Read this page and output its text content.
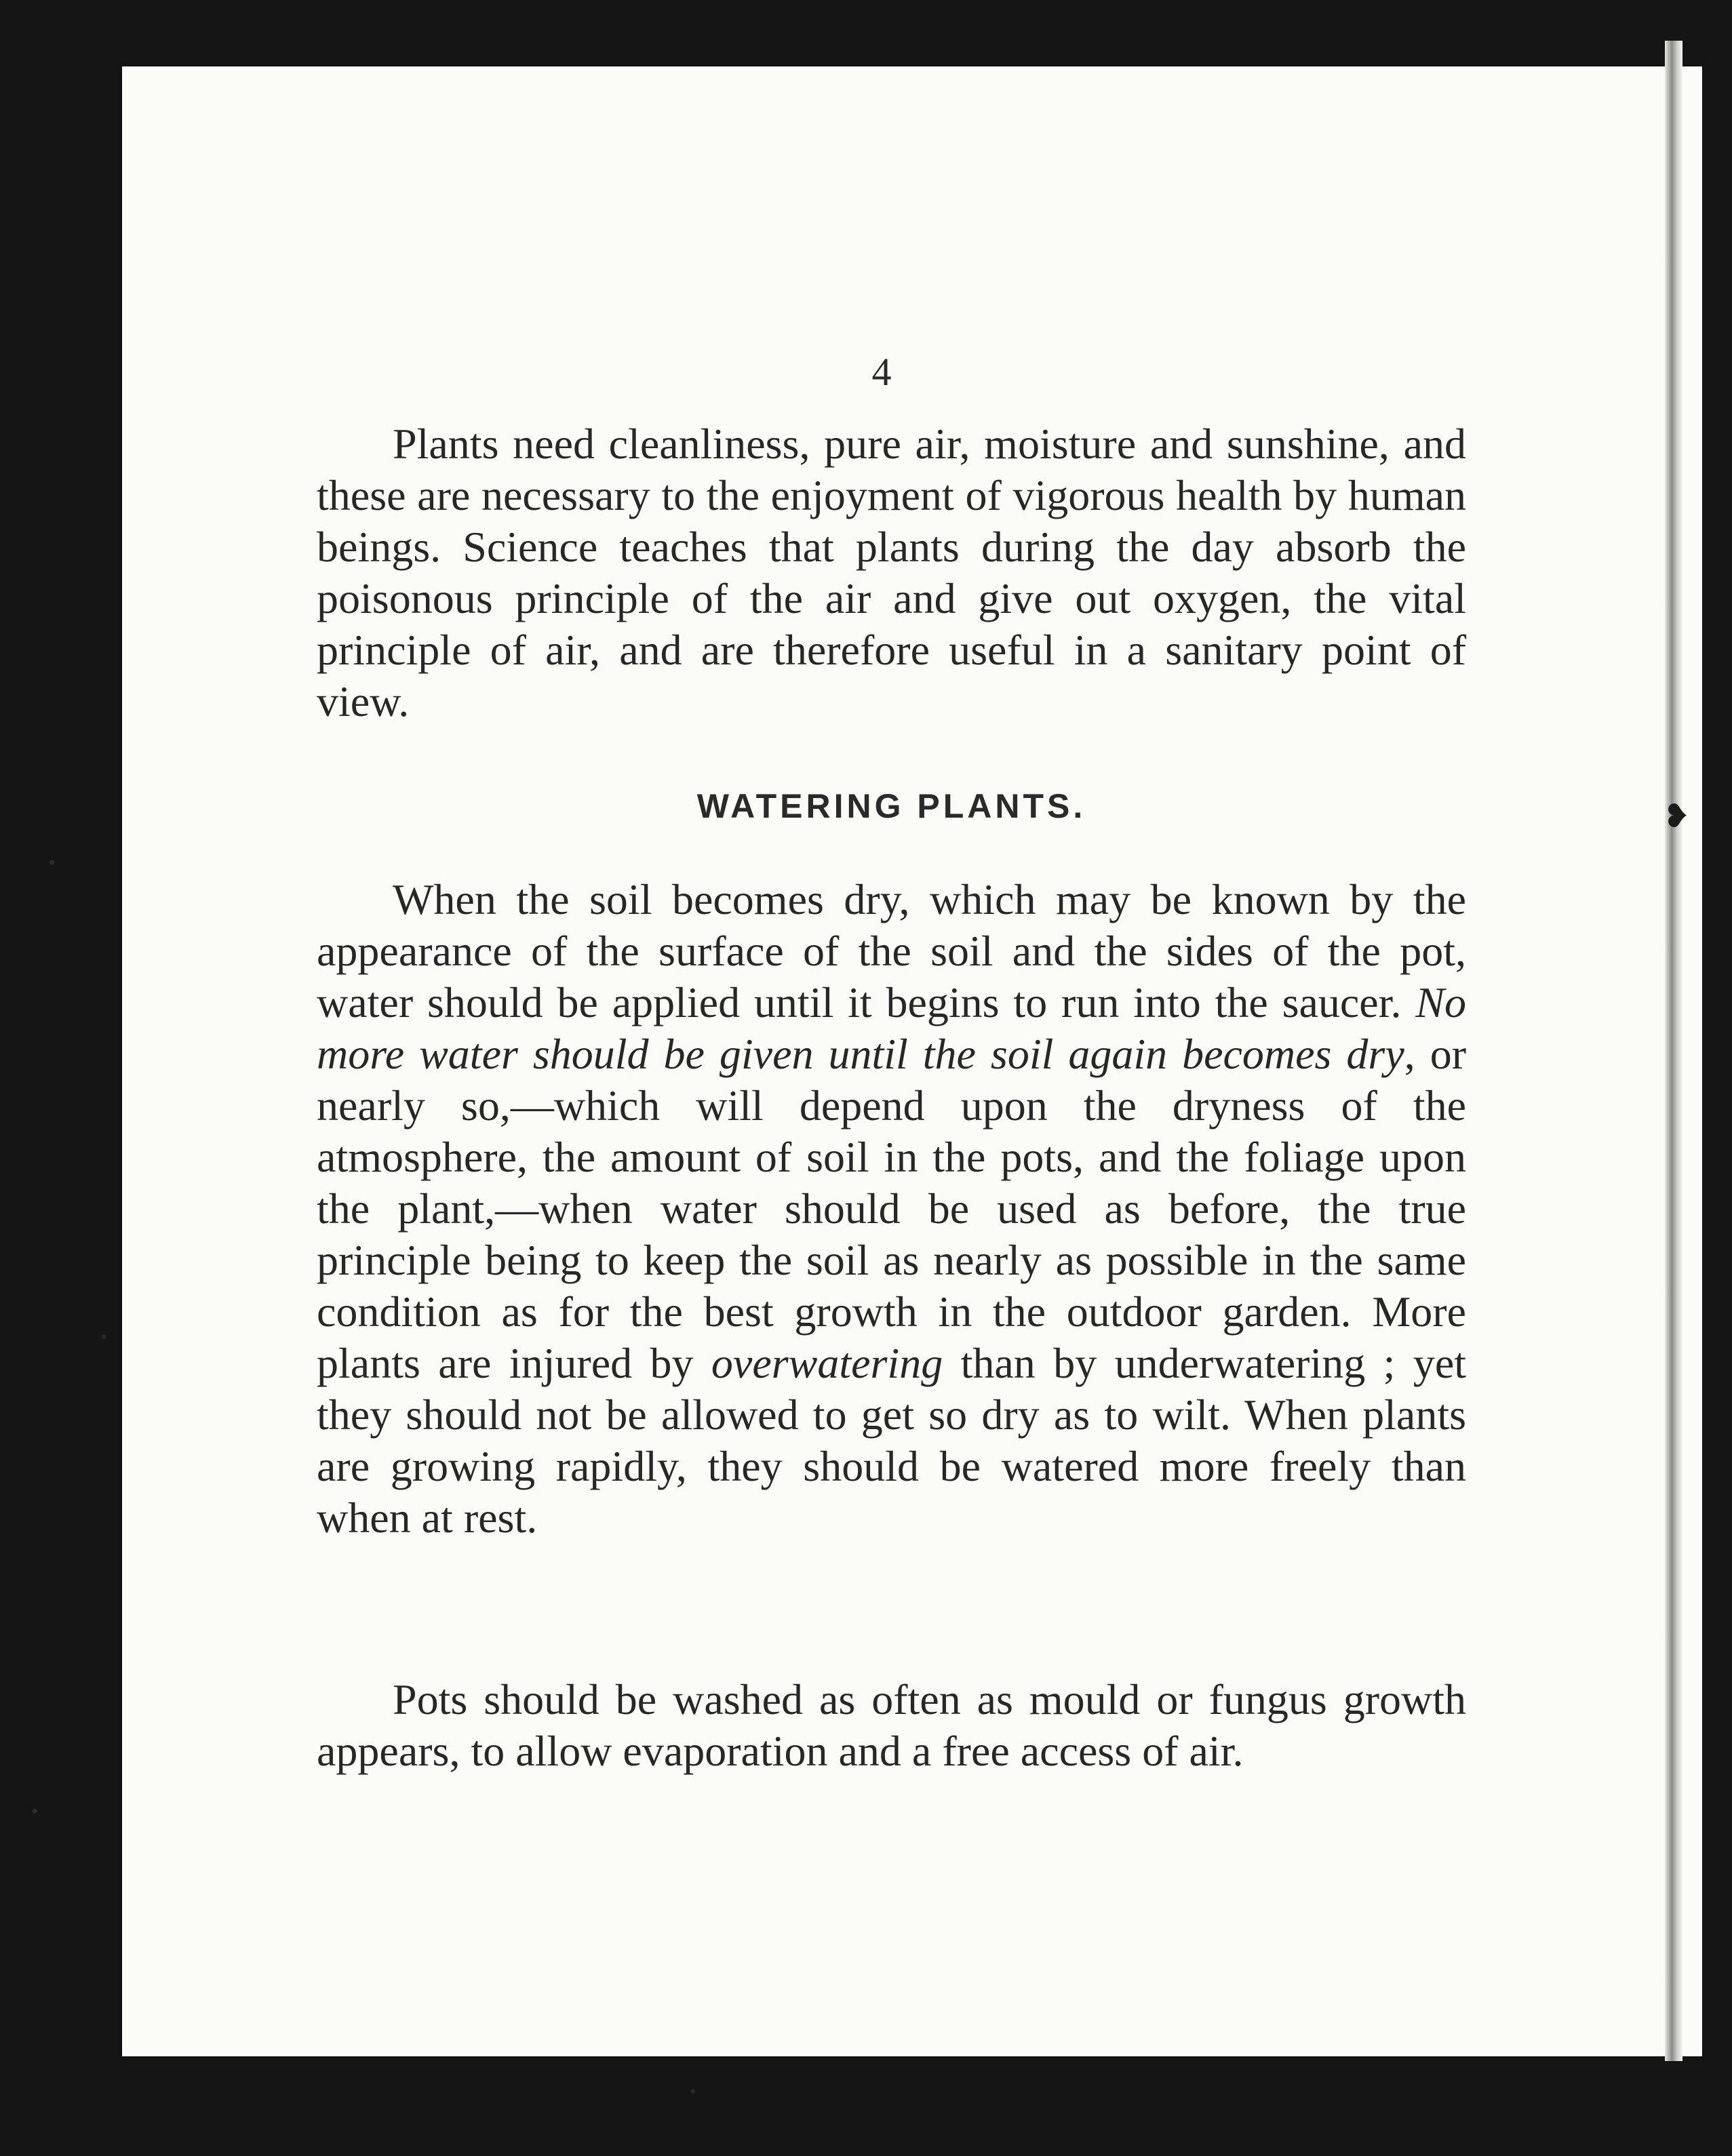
❥
4

Plants need cleanliness, pure air, moisture and sunshine, and these are necessary to the enjoyment of vigorous health by human beings. Science teaches that plants during the day absorb the poisonous principle of the air and give out oxygen, the vital principle of air, and are therefore useful in a sanitary point of view.

WATERING PLANTS.

When the soil becomes dry, which may be known by the appearance of the surface of the soil and the sides of the pot, water should be applied until it begins to run into the saucer. No more water should be given until the soil again becomes dry, or nearly so,—which will depend upon the dryness of the atmosphere, the amount of soil in the pots, and the foliage upon the plant,—when water should be used as before, the true principle being to keep the soil as nearly as possible in the same condition as for the best growth in the outdoor garden. More plants are injured by overwatering than by underwatering ; yet they should not be allowed to get so dry as to wilt. When plants are growing rapidly, they should be watered more freely than when at rest.

Pots should be washed as often as mould or fungus growth appears, to allow evaporation and a free access of air.
